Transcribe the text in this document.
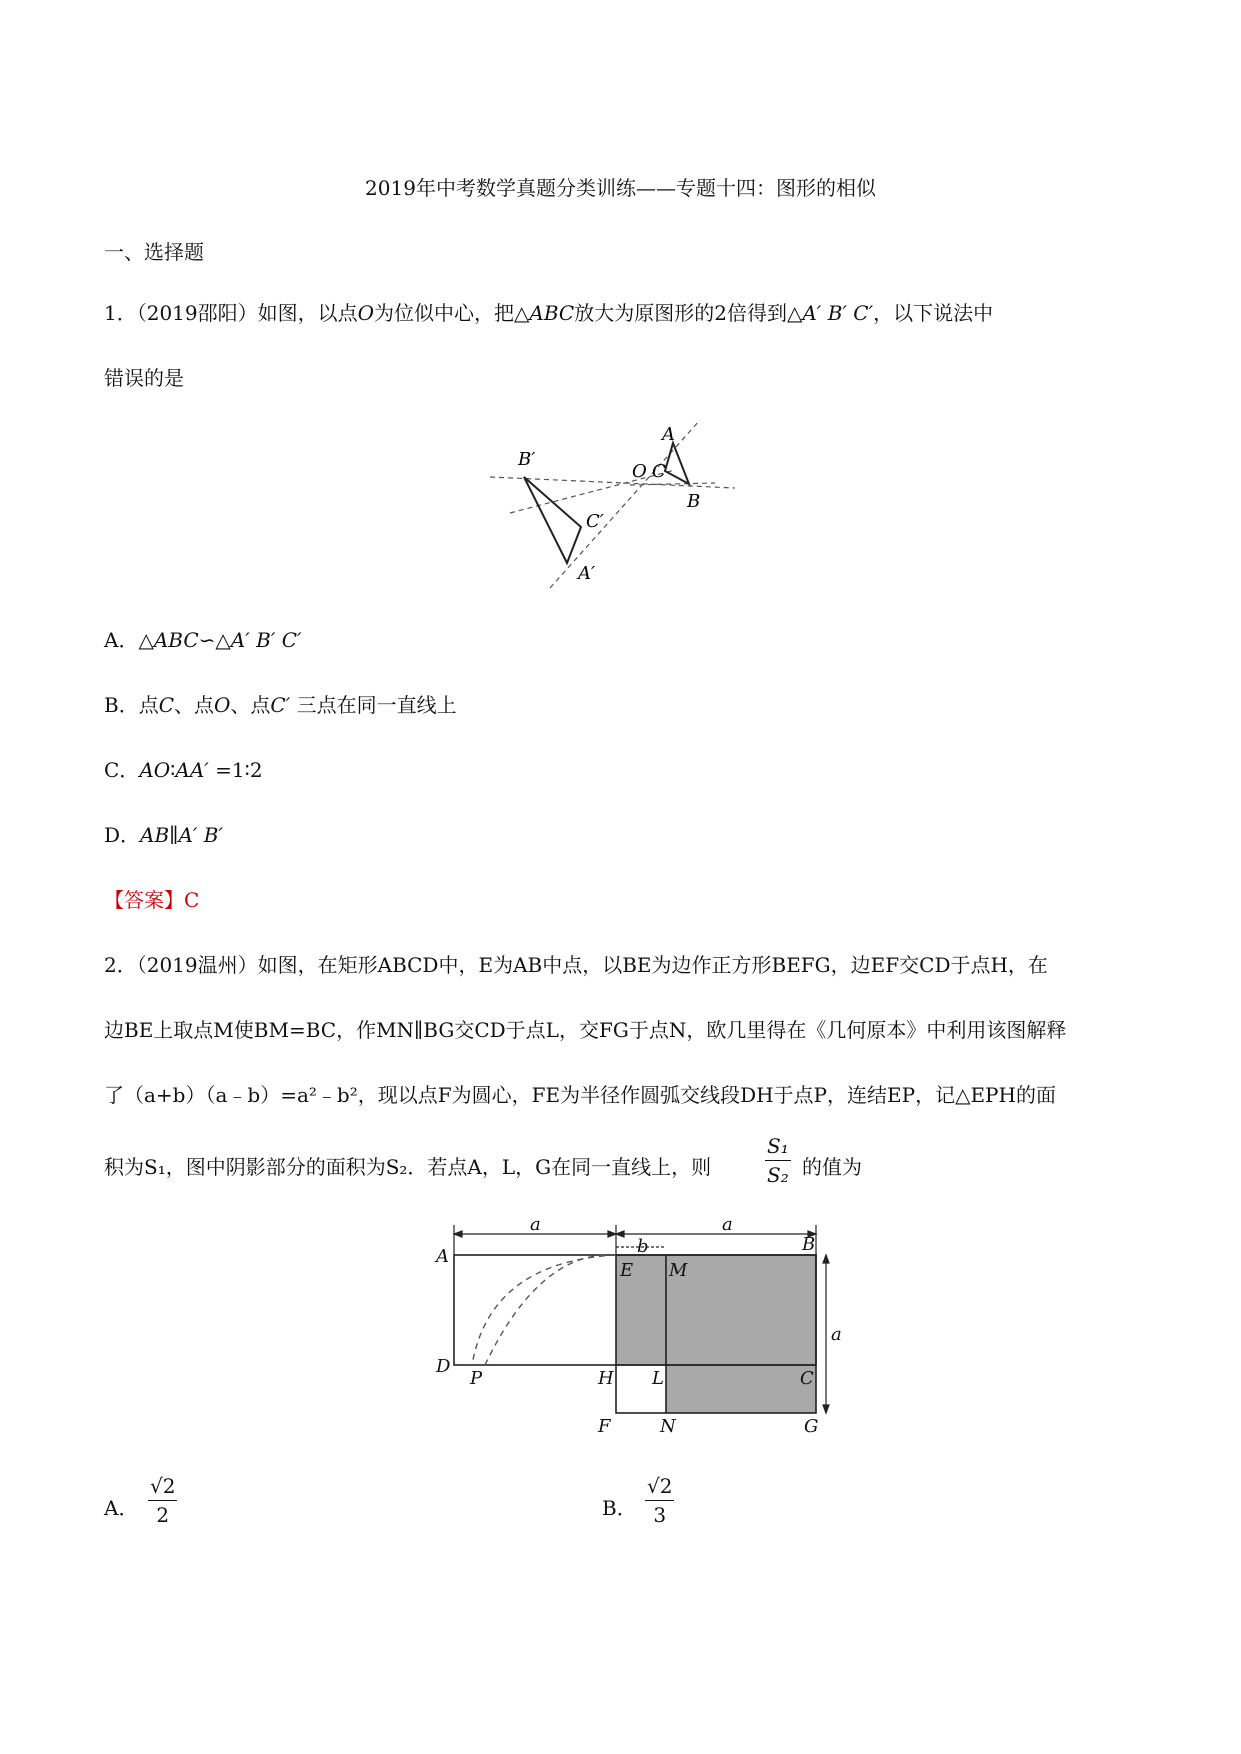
2019年中考数学真题分类训练——专题十四：图形的相似
一、选择题
1．（2019邵阳）如图，以点O为位似中心，把△ABC放大为原图形的2倍得到△A′ B′ C′，以下说法中
错误的是
B′
C′
A′
O C
A
B
A．△ABC∽△A′ B′ C′
B．点C、点O、点C′ 三点在同一直线上
C．AO∶AA′ =1∶2
D．AB∥A′ B′
【答案】C
2．（2019温州）如图，在矩形ABCD中，E为AB中点，以BE为边作正方形BEFG，边EF交CD于点H，在
边BE上取点M使BM=BC，作MN∥BG交CD于点L，交FG于点N，欧几里得在《几何原本》中利用该图解释
了（a+b）（a﹣b）=a²﹣b²，现以点F为圆心，FE为半径作圆弧交线段DH于点P，连结EP，记△EPH的面
积为S₁，图中阴影部分的面积为S₂．若点A，L，G在同一直线上，则	$\frac{\text{S₁}}{\text{S₂}}$ 的值为
a
b
a
a
A
B
E M
D
P	H L	C
F	N	G
A． $\frac{√2}{2}$	B． $\frac{√2}{3}$
